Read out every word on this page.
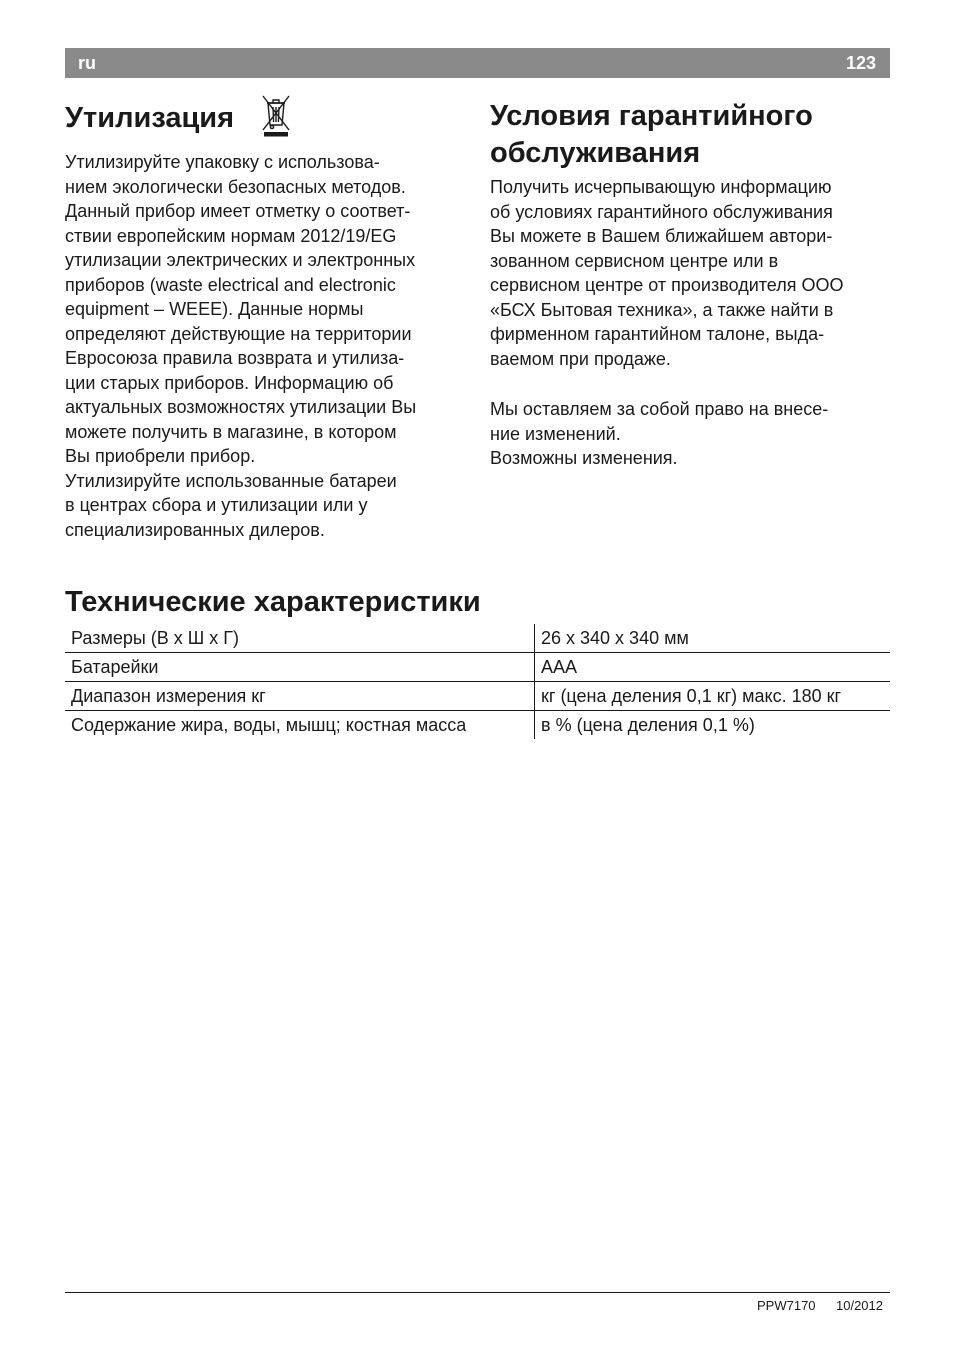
ru	123
Утилизация
Утилизируйте упаковку с использова-
нием экологически безопасных методов.
Данный прибор имеет отметку о соответ-
ствии европейским нормам 2012/19/EG
утилизации электрических и электронных
приборов (waste electrical and electronic
equipment – WEEE). Данные нормы
определяют действующие на территории
Евросоюза правила возврата и утилиза-
ции старых приборов. Информацию об
актуальных возможностях утилизации Вы
можете получить в магазине, в котором
Вы приобрели прибор.
Утилизируйте использованные батареи
в центрах сбора и утилизации или у
специализированных дилеров.
Условия гарантийного
обслуживания
Получить исчерпывающую информацию
об условиях гарантийного обслуживания
Вы можете в Вашем ближайшем автори-
зованном сервисном центре или в
сервисном центре от производителя ООО
«БСХ Бытовая техника», а также найти в
фирменном гарантийном талоне, выда-
ваемом при продаже.
Мы оставляем за собой право на внесе-
ние изменений.
Возможны изменения.
Технические характеристики
Размеры (В x Ш x Г)	26 x 340 x 340 мм
Батарейки	AAA
Диапазон измерения кг	кг (цена деления 0,1 кг) макс. 180 кг
Содержание жира, воды, мышц; костная масса	в % (цена деления 0,1 %)
PPW7170 10/2012
